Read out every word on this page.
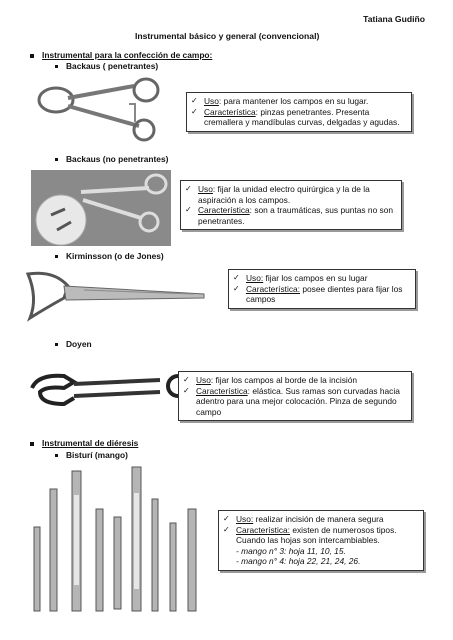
Tatiana Gudiño
Instrumental básico y general (convencional)
Instrumental para la confección de campo:
Backaus ( penetrantes)
✓ Uso: para mantener los campos en su lugar.
✓ Característica: pinzas penetrantes. Presenta cremallera y mandíbulas curvas, delgadas y agudas.
Backaus (no penetrantes)
✓ Uso: fijar la unidad electro quirúrgica y la de la aspiración a los campos.
✓ Característica: son a traumáticas, sus puntas no son penetrantes.
Kirminsson (o de Jones)
✓ Uso: fijar los campos en su lugar
✓ Característica: posee dientes para fijar los campos
Doyen
✓ Uso: fijar los campos al borde de la incisión
✓ Característica: elástica. Sus ramas son curvadas hacia adentro para una mejor colocación. Pinza de segundo campo
Instrumental de diéresis
Bisturí (mango)
✓ Uso: realizar incisión de manera segura
✓ Característica: existen de numerosos tipos. Cuando las hojas son intercambiables.
- mango n° 3: hoja 11, 10, 15.
- mango n° 4: hoja 22, 21, 24, 26.
